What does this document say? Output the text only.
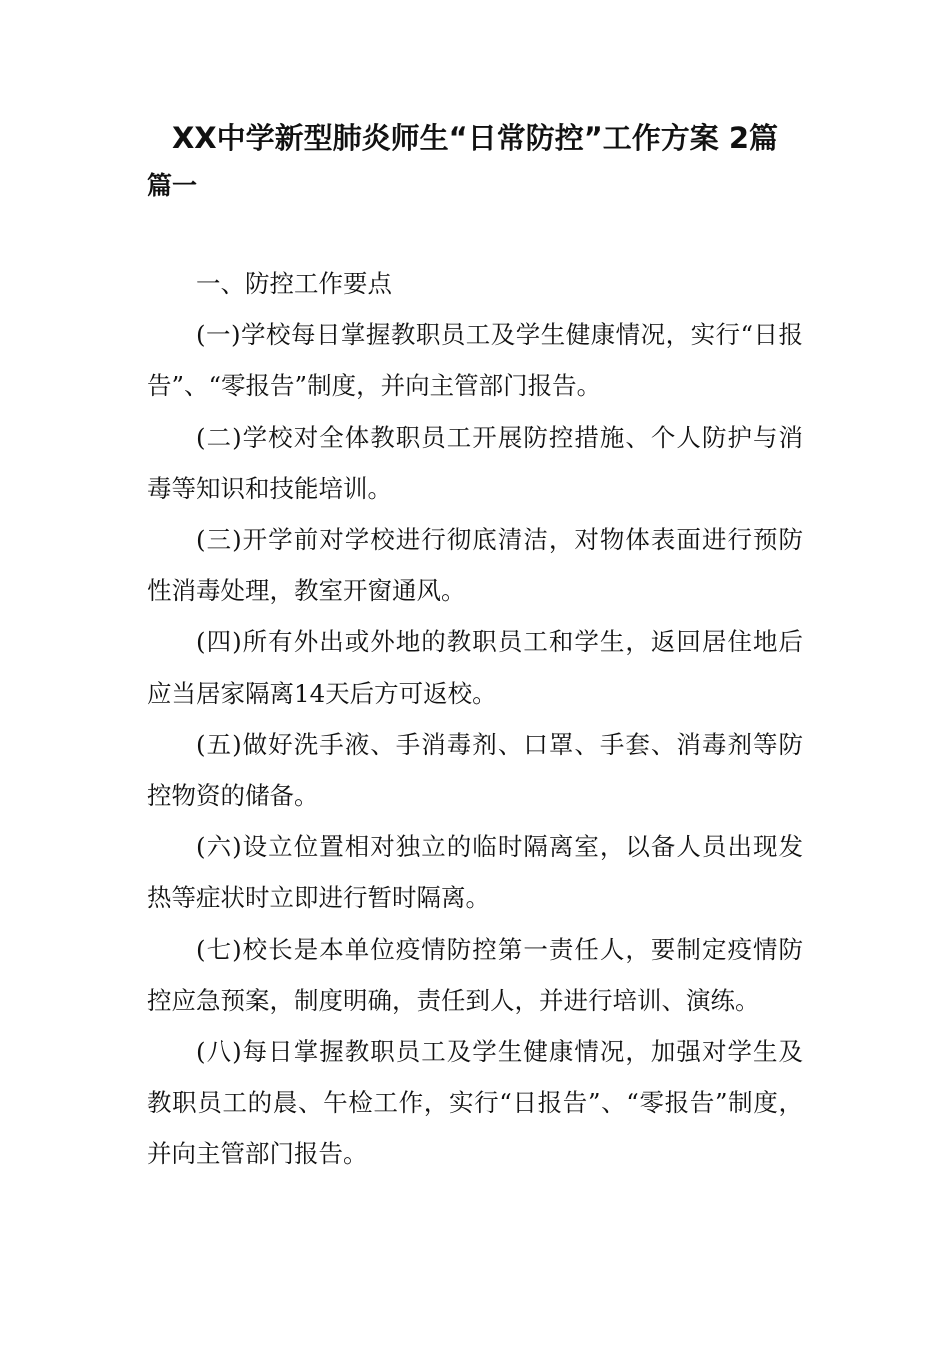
XX中学新型肺炎师生“日常防控”工作方案 2篇
篇一

一、防控工作要点

(一)学校每日掌握教职员工及学生健康情况，实行“日报告”、“零报告”制度，并向主管部门报告。

(二)学校对全体教职员工开展防控措施、个人防护与消毒等知识和技能培训。

(三)开学前对学校进行彻底清洁，对物体表面进行预防性消毒处理，教室开窗通风。

(四)所有外出或外地的教职员工和学生，返回居住地后应当居家隔离14天后方可返校。

(五)做好洗手液、手消毒剂、口罩、手套、消毒剂等防控物资的储备。

(六)设立位置相对独立的临时隔离室，以备人员出现发热等症状时立即进行暂时隔离。

(七)校长是本单位疫情防控第一责任人，要制定疫情防控应急预案，制度明确，责任到人，并进行培训、演练。

(八)每日掌握教职员工及学生健康情况，加强对学生及教职员工的晨、午检工作，实行“日报告”、“零报告”制度，并向主管部门报告。
